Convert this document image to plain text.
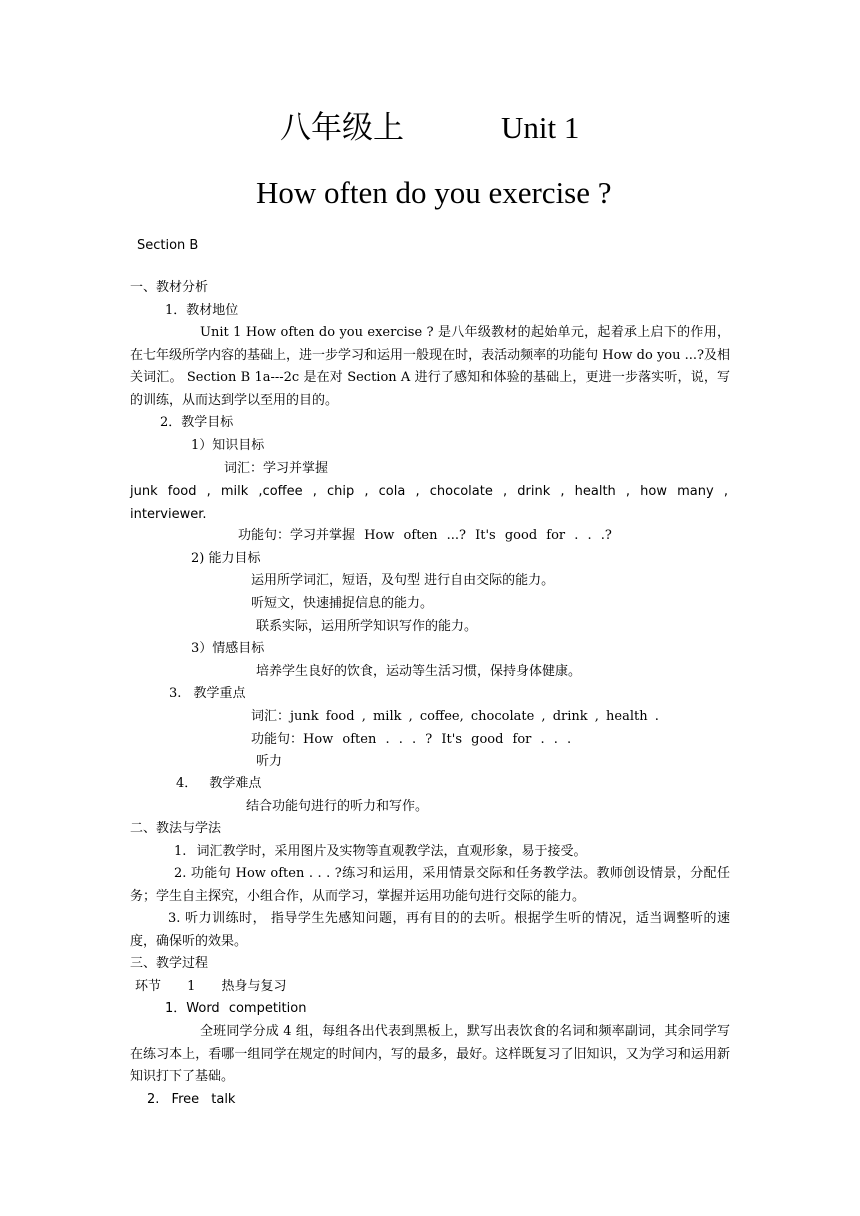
八年级上	Unit 1
How often do you exercise ?
Section B
一、教材分析
1．教材地位
Unit 1 How often do you exercise ? 是八年级教材的起始单元，起着承上启下的作用，在七年级所学内容的基础上，进一步学习和运用一般现在时，表活动频率的功能句 How do you ...?及相关词汇。 Section B 1a---2c 是在对 Section A 进行了感知和体验的基础上，更进一步落实听，说，写的训练，从而达到学以至用的目的。
2．教学目标
1）知识目标
词汇：学习并掌握
junk food , milk ,coffee , chip , cola , chocolate , drink , health , how many , interviewer.
功能句：学习并掌握 How often ...? It's good for . . .?
2) 能力目标
运用所学词汇，短语，及句型 进行自由交际的能力。
听短文，快速捕捉信息的能力。
联系实际，运用所学知识写作的能力。
3）情感目标
培养学生良好的饮食，运动等生活习惯，保持身体健康。
3. 教学重点
词汇：junk food , milk , coffee, chocolate , drink , health .
功能句：How often . . . ? It's good for . . .
听力
4． 教学难点
结合功能句进行的听力和写作。
二、教法与学法
1. 词汇教学时，采用图片及实物等直观教学法，直观形象，易于接受。
2. 功能句 How often . . . ?练习和运用，采用情景交际和任务教学法。教师创设情景，分配任务；学生自主探究，小组合作，从而学习，掌握并运用功能句进行交际的能力。
3. 听力训练时， 指导学生先感知问题，再有目的的去听。根据学生听的情况，适当调整听的速度，确保听的效果。
三、教学过程
环节 1 热身与复习
1．Word competition
全班同学分成 4 组，每组各出代表到黑板上，默写出表饮食的名词和频率副词，其余同学写在练习本上，看哪一组同学在规定的时间内，写的最多，最好。这样既复习了旧知识，又为学习和运用新知识打下了基础。
2. Free talk
